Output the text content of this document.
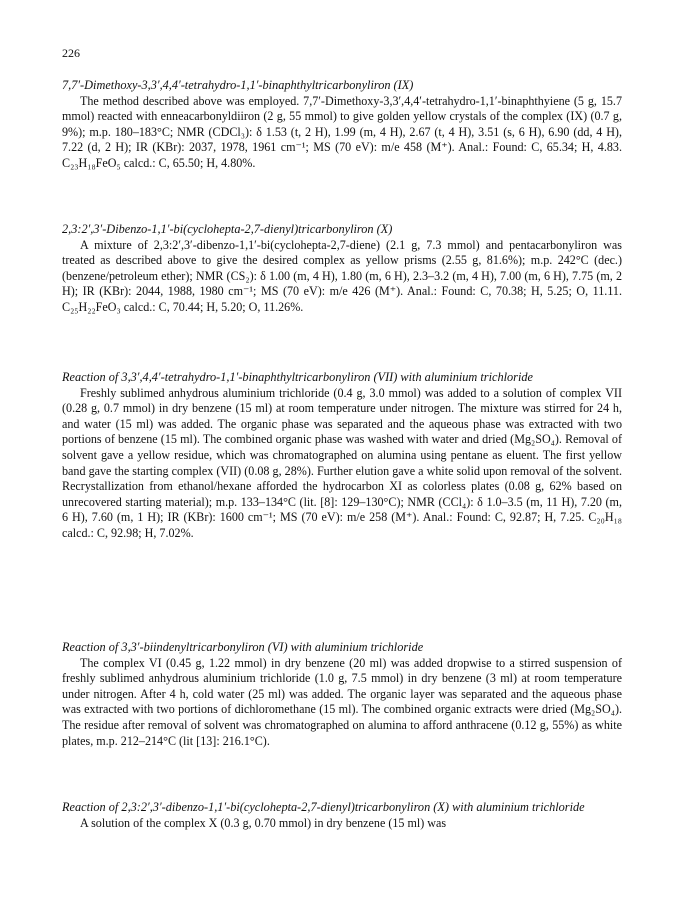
226
7,7′-Dimethoxy-3,3′,4,4′-tetrahydro-1,1′-binaphthyltricarbonyliron (IX)

The method described above was employed. 7,7′-Dimethoxy-3,3′,4,4′-tetrahydro-1,1′-binaphthyiene (5 g, 15.7 mmol) reacted with enneacarbonyldiiron (2 g, 55 mmol) to give golden yellow crystals of the complex (IX) (0.7 g, 9%); m.p. 180–183°C; NMR (CDCl₃): δ 1.53 (t, 2 H), 1.99 (m, 4 H), 2.67 (t, 4 H), 3.51 (s, 6 H), 6.90 (dd, 4 H), 7.22 (d, 2 H); IR (KBr): 2037, 1978, 1961 cm⁻¹; MS (70 eV): m/e 458 (M⁺). Anal.: Found: C, 65.34; H, 4.83. C₂₃H₁₈FeO₅ calcd.: C, 65.50; H, 4.80%.

2,3:2′,3′-Dibenzo-1,1′-bi(cyclohepta-2,7-dienyl)tricarbonyliron (X)

A mixture of 2,3:2′,3′-dibenzo-1,1′-bi(cyclohepta-2,7-diene) (2.1 g, 7.3 mmol) and pentacarbonyliron was treated as described above to give the desired complex as yellow prisms (2.55 g, 81.6%); m.p. 242°C (dec.) (benzene/petroleum ether); NMR (CS₂): δ 1.00 (m, 4 H), 1.80 (m, 6 H), 2.3–3.2 (m, 4 H), 7.00 (m, 6 H), 7.75 (m, 2 H); IR (KBr): 2044, 1988, 1980 cm⁻¹; MS (70 eV): m/e 426 (M⁺). Anal.: Found: C, 70.38; H, 5.25; O, 11.11. C₂₅H₂₂FeO₃ calcd.: C, 70.44; H, 5.20; O, 11.26%.

Reaction of 3,3′,4,4′-tetrahydro-1,1′-binaphthyltricarbonyliron (VII) with aluminium trichloride

Freshly sublimed anhydrous aluminium trichloride (0.4 g, 3.0 mmol) was added to a solution of complex VII (0.28 g, 0.7 mmol) in dry benzene (15 ml) at room temperature under nitrogen. The mixture was stirred for 24 h, and water (15 ml) was added. The organic phase was separated and the aqueous phase was extracted with two portions of benzene (15 ml). The combined organic phase was washed with water and dried (Mg₂SO₄). Removal of solvent gave a yellow residue, which was chromatographed on alumina using pentane as eluent. The first yellow band gave the starting complex (VII) (0.08 g, 28%). Further elution gave a white solid upon removal of the solvent. Recrystallization from ethanol/hexane afforded the hydrocarbon XI as colorless plates (0.08 g, 62% based on unrecovered starting material); m.p. 133–134°C (lit. [8]: 129–130°C); NMR (CCl₄): δ 1.0–3.5 (m, 11 H), 7.20 (m, 6 H), 7.60 (m, 1 H); IR (KBr): 1600 cm⁻¹; MS (70 eV): m/e 258 (M⁺). Anal.: Found: C, 92.87; H, 7.25. C₂₀H₁₈ calcd.: C, 92.98; H, 7.02%.

Reaction of 3,3′-biindenyltricarbonyliron (VI) with aluminium trichloride

The complex VI (0.45 g, 1.22 mmol) in dry benzene (20 ml) was added dropwise to a stirred suspension of freshly sublimed anhydrous aluminium trichloride (1.0 g, 7.5 mmol) in dry benzene (3 ml) at room temperature under nitrogen. After 4 h, cold water (25 ml) was added. The organic layer was separated and the aqueous phase was extracted with two portions of dichloromethane (15 ml). The combined organic extracts were dried (Mg₂SO₄). The residue after removal of solvent was chromatographed on alumina to afford anthracene (0.12 g, 55%) as white plates, m.p. 212–214°C (lit [13]: 216.1°C).

Reaction of 2,3:2′,3′-dibenzo-1,1′-bi(cyclohepta-2,7-dienyl)tricarbonyliron (X) with aluminium trichloride

A solution of the complex X (0.3 g, 0.70 mmol) in dry benzene (15 ml) was
